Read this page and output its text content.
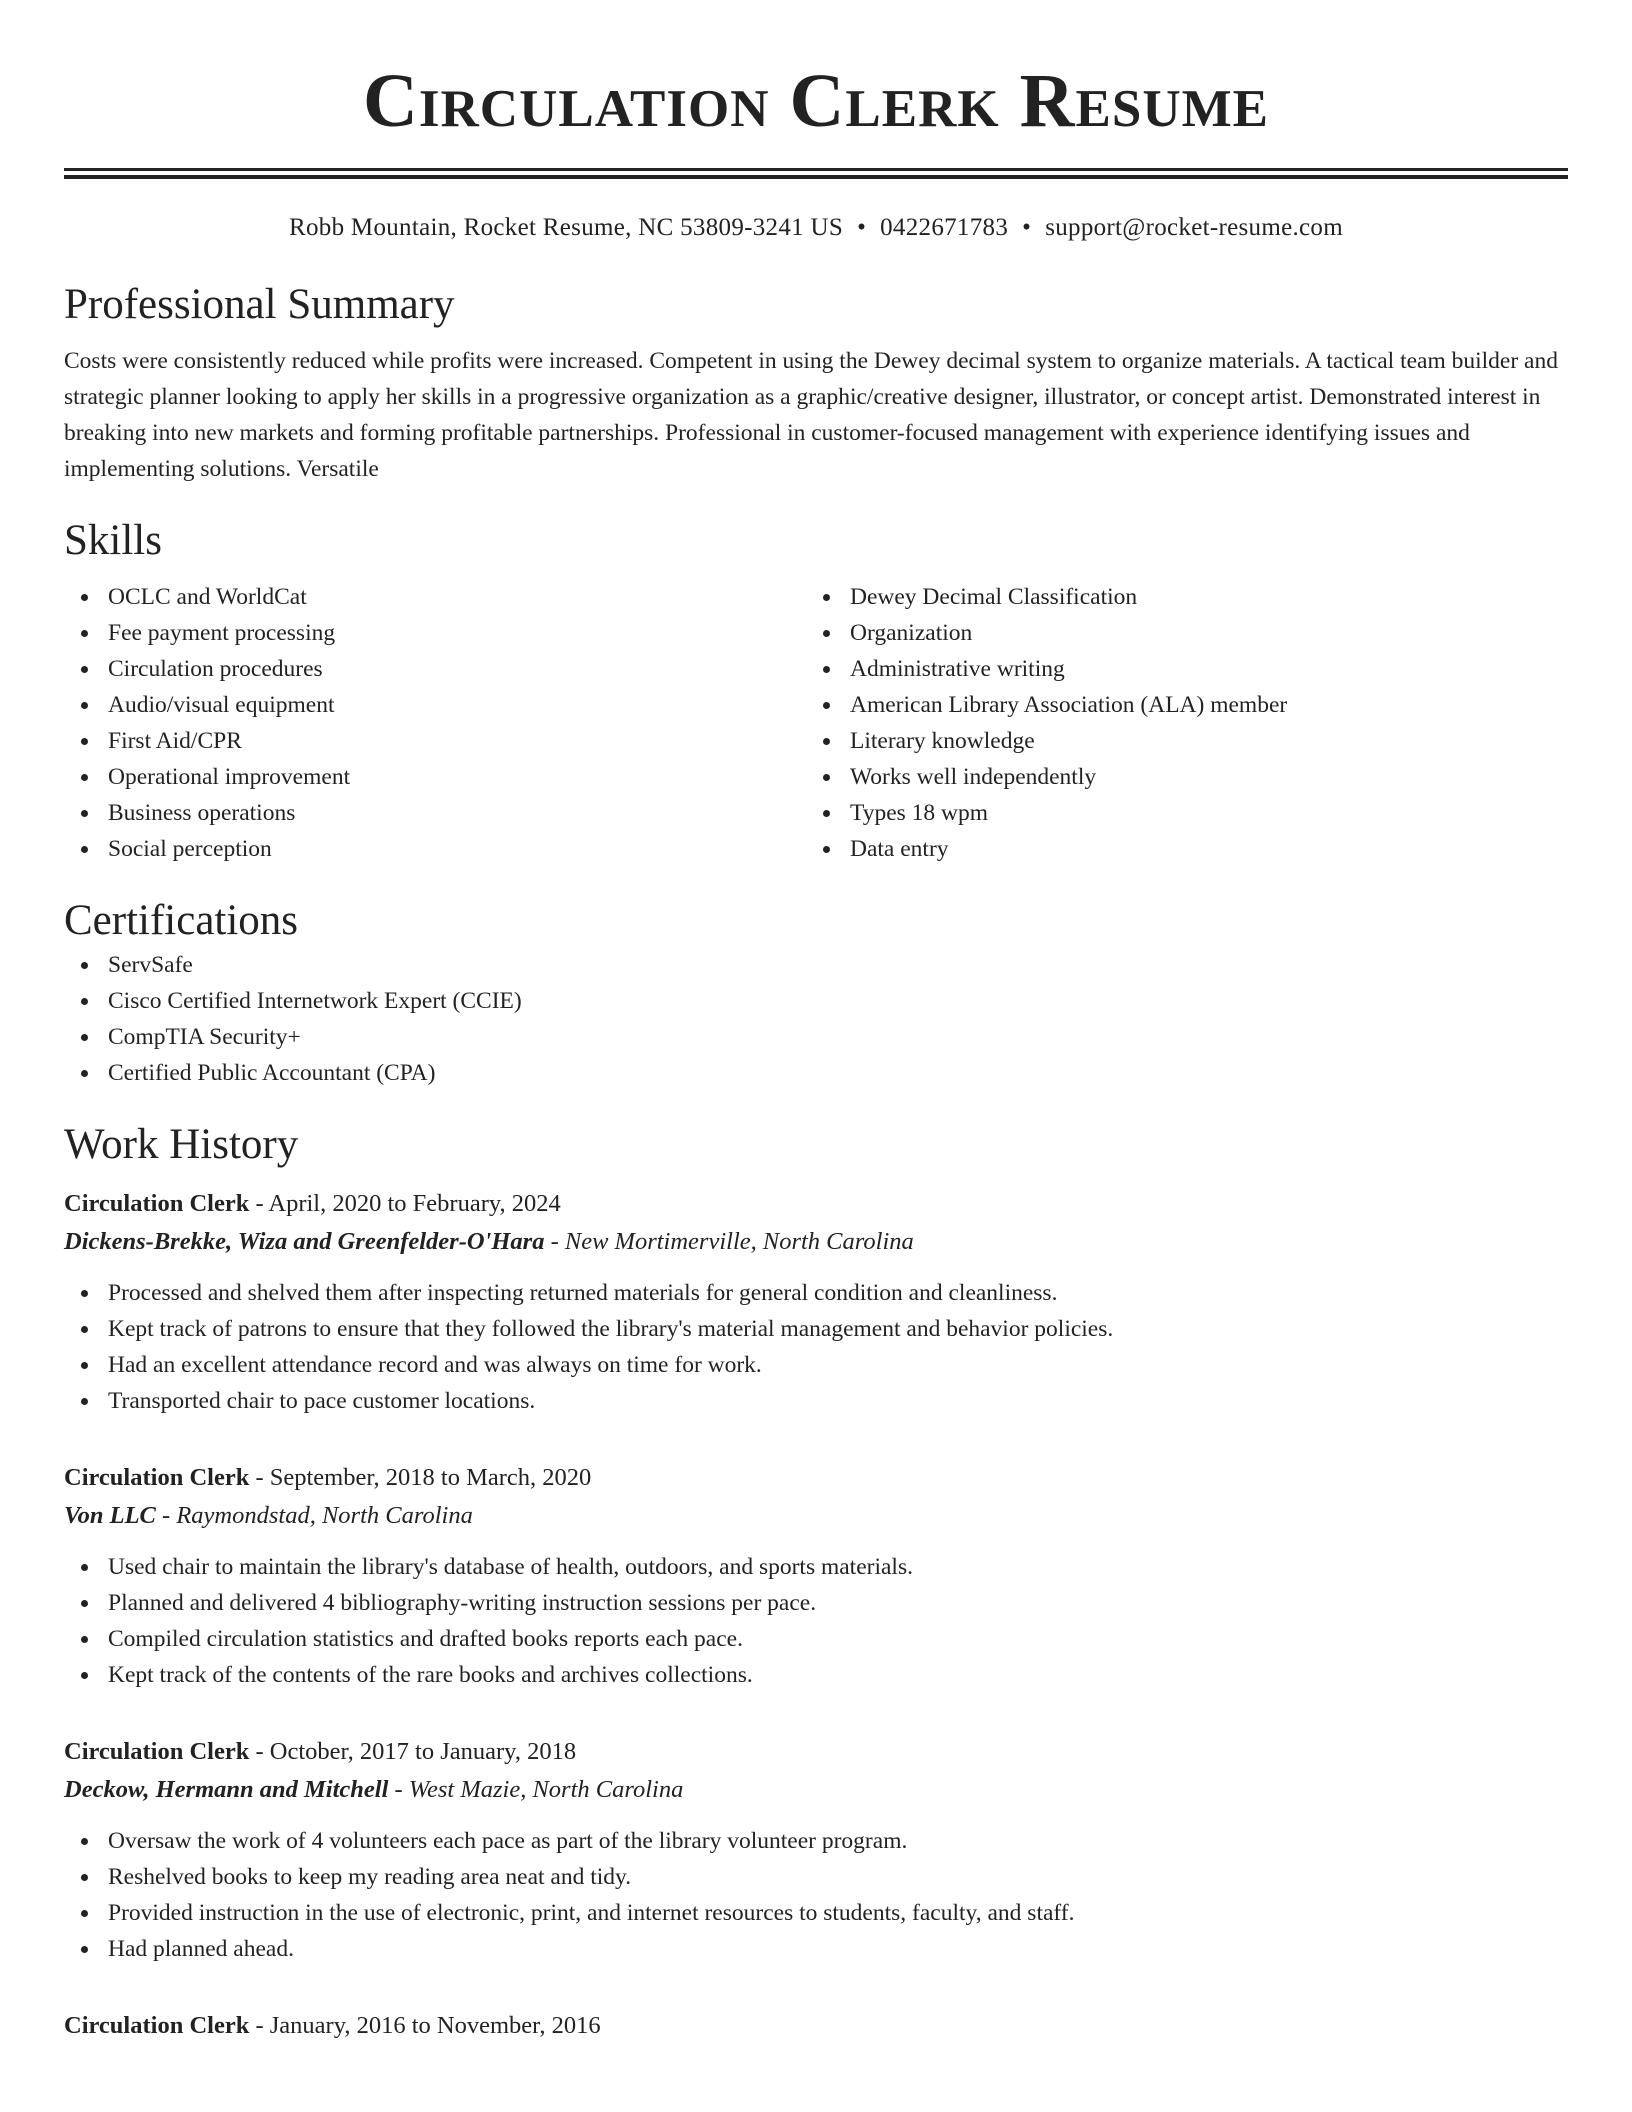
Circulation Clerk Resume
Robb Mountain, Rocket Resume, NC 53809-3241 US • 0422671783 • support@rocket-resume.com
Professional Summary

Costs were consistently reduced while profits were increased. Competent in using the Dewey decimal system to organize materials. A tactical team builder and strategic planner looking to apply her skills in a progressive organization as a graphic/creative designer, illustrator, or concept artist. Demonstrated interest in breaking into new markets and forming profitable partnerships. Professional in customer-focused management with experience identifying issues and implementing solutions. Versatile

Skills
OCLC and WorldCat
Fee payment processing
Circulation procedures
Audio/visual equipment
First Aid/CPR
Operational improvement
Business operations
Social perception
Dewey Decimal Classification
Organization
Administrative writing
American Library Association (ALA) member
Literary knowledge
Works well independently
Types 18 wpm
Data entry
Certifications
ServSafe
Cisco Certified Internetwork Expert (CCIE)
CompTIA Security+
Certified Public Accountant (CPA)
Work History
Circulation Clerk - April, 2020 to February, 2024
Dickens-Brekke, Wiza and Greenfelder-O'Hara - New Mortimerville, North Carolina
Processed and shelved them after inspecting returned materials for general condition and cleanliness.
Kept track of patrons to ensure that they followed the library's material management and behavior policies.
Had an excellent attendance record and was always on time for work.
Transported chair to pace customer locations.
Circulation Clerk - September, 2018 to March, 2020
Von LLC - Raymondstad, North Carolina
Used chair to maintain the library's database of health, outdoors, and sports materials.
Planned and delivered 4 bibliography-writing instruction sessions per pace.
Compiled circulation statistics and drafted books reports each pace.
Kept track of the contents of the rare books and archives collections.
Circulation Clerk - October, 2017 to January, 2018
Deckow, Hermann and Mitchell - West Mazie, North Carolina
Oversaw the work of 4 volunteers each pace as part of the library volunteer program.
Reshelved books to keep my reading area neat and tidy.
Provided instruction in the use of electronic, print, and internet resources to students, faculty, and staff.
Had planned ahead.
Circulation Clerk - January, 2016 to November, 2016
